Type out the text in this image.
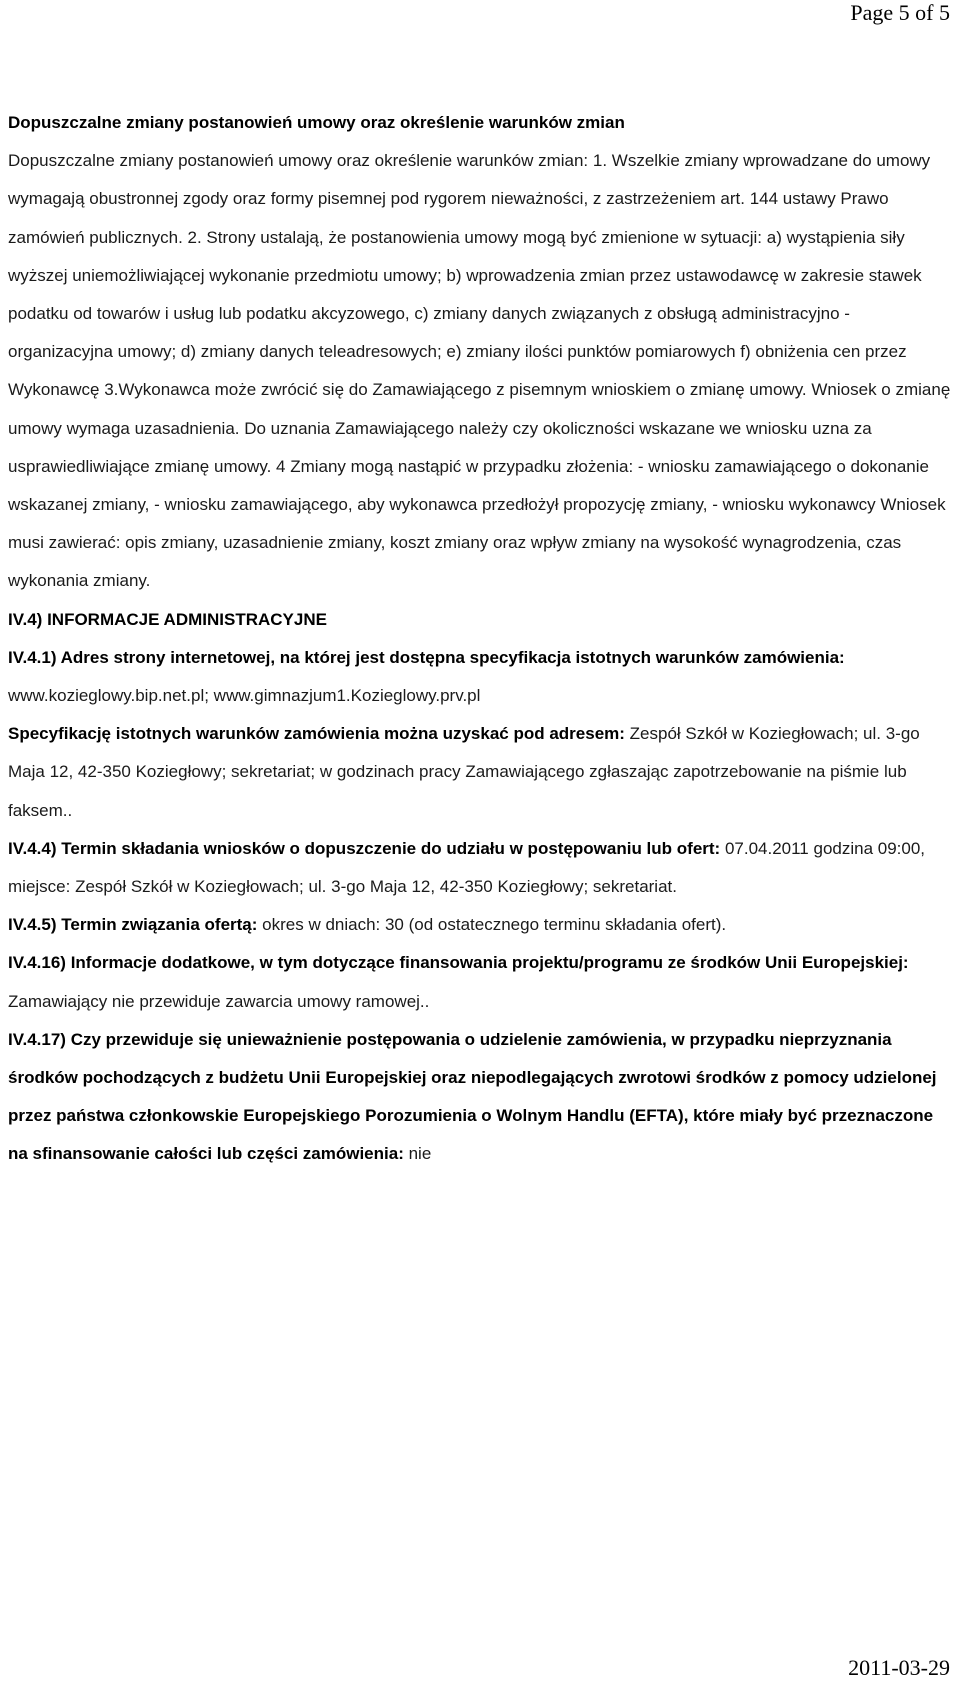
Page 5 of 5

Dopuszczalne zmiany postanowień umowy oraz określenie warunków zmian

Dopuszczalne zmiany postanowień umowy oraz określenie warunków zmian: 1. Wszelkie zmiany wprowadzane do umowy wymagają obustronnej zgody oraz formy pisemnej pod rygorem nieważności, z zastrzeżeniem art. 144 ustawy Prawo zamówień publicznych. 2. Strony ustalają, że postanowienia umowy mogą być zmienione w sytuacji: a) wystąpienia siły wyższej uniemożliwiającej wykonanie przedmiotu umowy; b) wprowadzenia zmian przez ustawodawcę w zakresie stawek podatku od towarów i usług lub podatku akcyzowego, c) zmiany danych związanych z obsługą administracyjno - organizacyjna umowy; d) zmiany danych teleadresowych; e) zmiany ilości punktów pomiarowych f) obniżenia cen przez Wykonawcę 3.Wykonawca może zwrócić się do Zamawiającego z pisemnym wnioskiem o zmianę umowy. Wniosek o zmianę umowy wymaga uzasadnienia. Do uznania Zamawiającego należy czy okoliczności wskazane we wniosku uzna za usprawiedliwiające zmianę umowy. 4 Zmiany mogą nastąpić w przypadku złożenia: - wniosku zamawiającego o dokonanie wskazanej zmiany, - wniosku zamawiającego, aby wykonawca przedłożył propozycję zmiany, - wniosku wykonawcy Wniosek musi zawierać: opis zmiany, uzasadnienie zmiany, koszt zmiany oraz wpływ zmiany na wysokość wynagrodzenia, czas wykonania zmiany.

IV.4) INFORMACJE ADMINISTRACYJNE

IV.4.1) Adres strony internetowej, na której jest dostępna specyfikacja istotnych warunków zamówienia: www.kozieglowy.bip.net.pl; www.gimnazjum1.Kozieglowy.prv.pl

Specyfikację istotnych warunków zamówienia można uzyskać pod adresem: Zespół Szkół w Koziegłowach; ul. 3-go Maja 12, 42-350 Koziegłowy; sekretariat; w godzinach pracy Zamawiającego zgłaszając zapotrzebowanie na piśmie lub faksem..

IV.4.4) Termin składania wniosków o dopuszczenie do udziału w postępowaniu lub ofert: 07.04.2011 godzina 09:00, miejsce: Zespół Szkół w Koziegłowach; ul. 3-go Maja 12, 42-350 Koziegłowy; sekretariat.

IV.4.5) Termin związania ofertą: okres w dniach: 30 (od ostatecznego terminu składania ofert).

IV.4.16) Informacje dodatkowe, w tym dotyczące finansowania projektu/programu ze środków Unii Europejskiej: Zamawiający nie przewiduje zawarcia umowy ramowej..

IV.4.17) Czy przewiduje się unieważnienie postępowania o udzielenie zamówienia, w przypadku nieprzyznania środków pochodzących z budżetu Unii Europejskiej oraz niepodlegających zwrotowi środków z pomocy udzielonej przez państwa członkowskie Europejskiego Porozumienia o Wolnym Handlu (EFTA), które miały być przeznaczone na sfinansowanie całości lub części zamówienia: nie

2011-03-29
